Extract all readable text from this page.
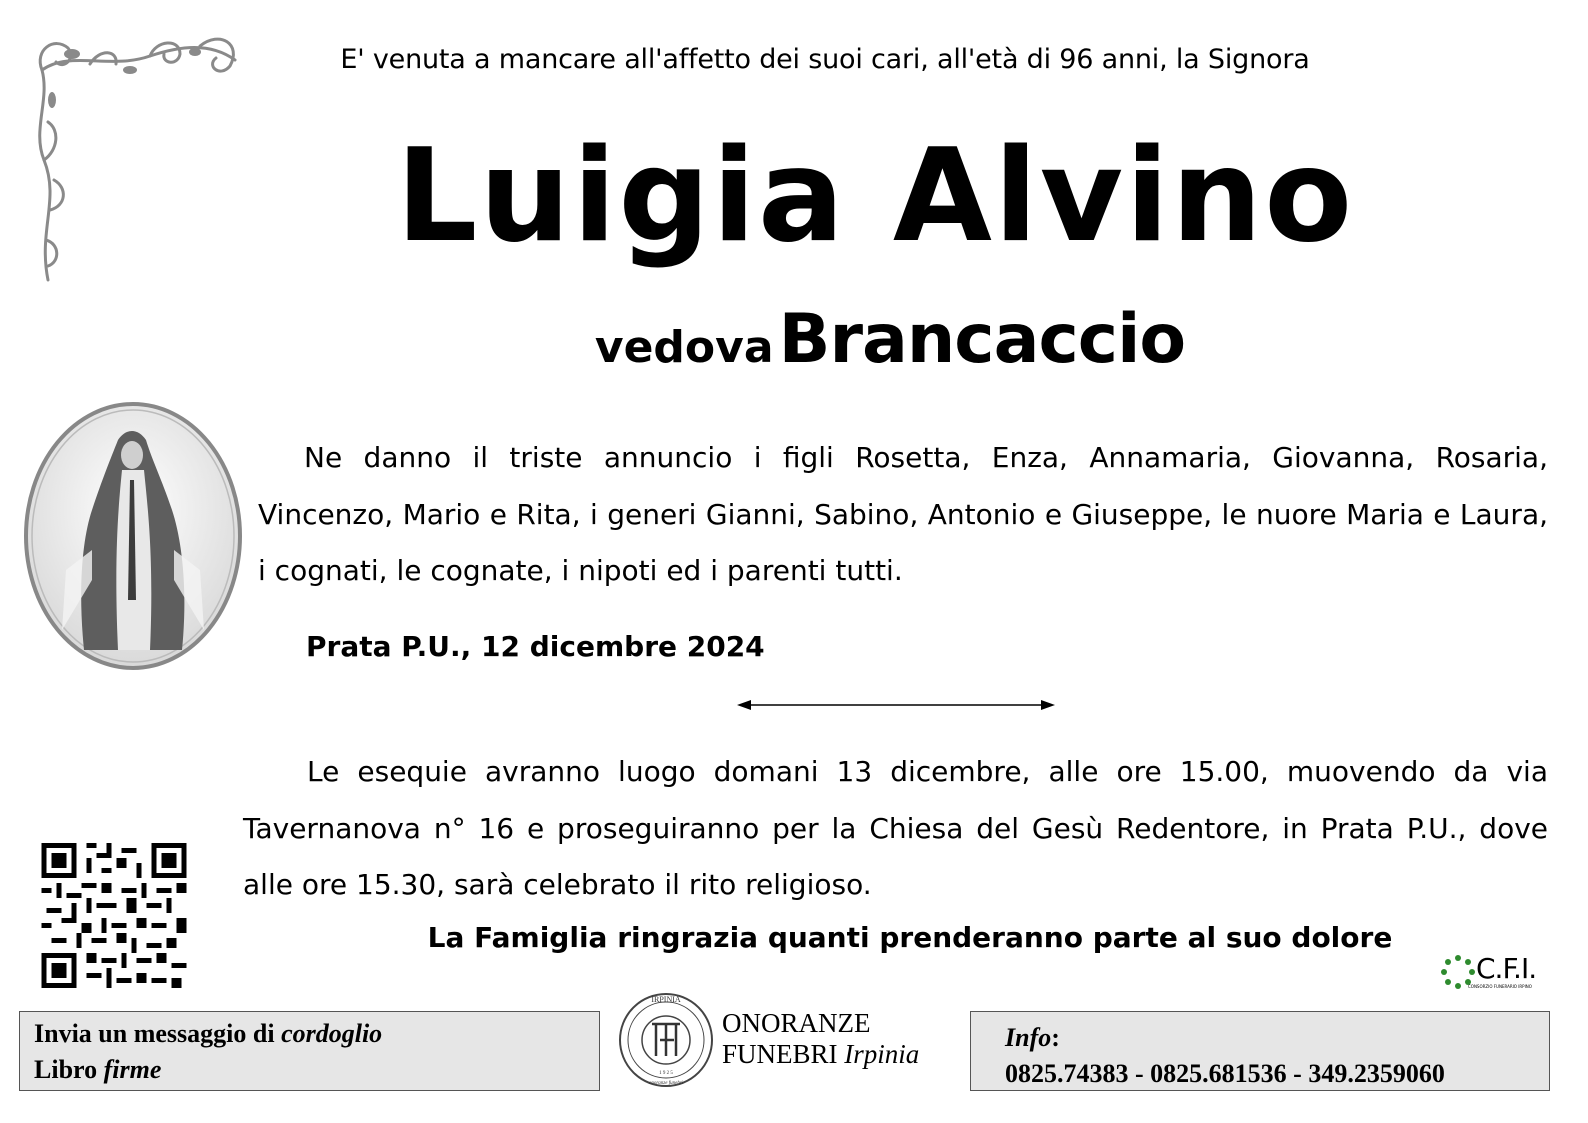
E' venuta a mancare all'affetto dei suoi cari, all'età di 96 anni, la Signora
Luigia Alvino
vedova Brancaccio

Ne danno il triste annuncio i figli Rosetta, Enza, Annamaria, Giovanna, Rosaria, Vincenzo, Mario e Rita, i generi Gianni, Sabino, Antonio e Giuseppe, le nuore Maria e Laura, i cognati, le cognate, i nipoti ed i parenti tutti.

Prata P.U., 12 dicembre 2024

Le esequie avranno luogo domani 13 dicembre, alle ore 15.00, muovendo da via Tavernanova n° 16 e proseguiranno per la Chiesa del Gesù Redentore, in Prata P.U., dove alle ore 15.30, sarà celebrato il rito religioso.

La Famiglia ringrazia quanti prenderanno parte al suo dolore
C.F.I.
CONSORZIO FUNERARIO IRPINO
Invia un messaggio di cordoglio
Libro firme
IRPINIA
1 9 2 5
onoranze funebri
ONORANZE
FUNEBRI Irpinia
Info:
0825.74383 - 0825.681536 - 349.2359060
